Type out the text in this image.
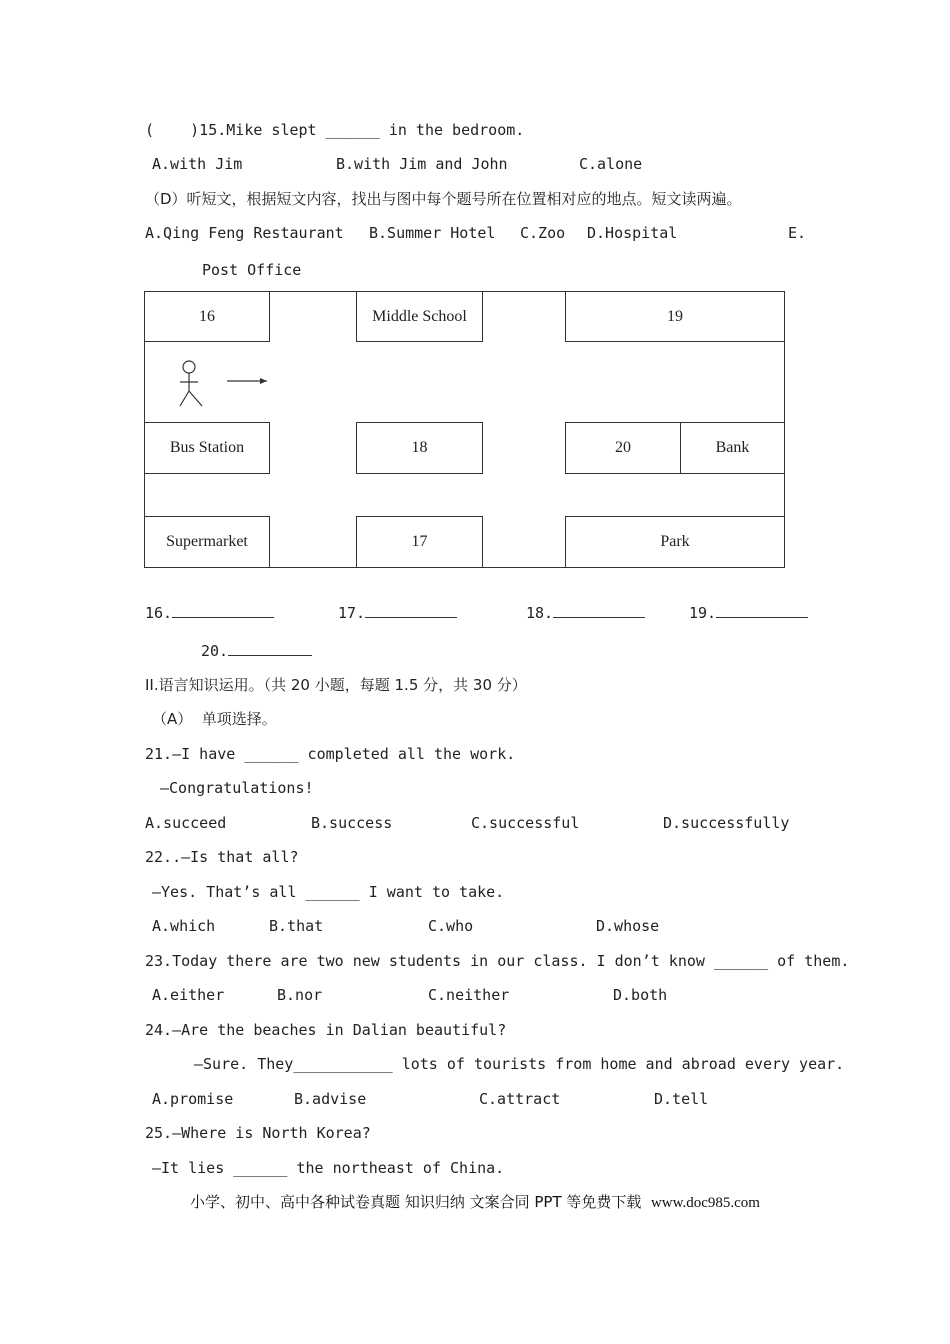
(    )15.Mike slept ______ in the bedroom.
A.with Jim	B.with Jim and John	C.alone
（D）听短文，根据短文内容，找出与图中每个题号所在位置相对应的地点。短文读两遍。
A.Qing Feng Restaurant B.Summer Hotel C.Zoo D.Hospital	E.
Post Office
16	Middle School	19
Bus Station	18	20	Bank
Supermarket	17	Park
16.	17.	18.	19.
20.
II.语言知识运用。（共 20 小题，每题 1.5 分，共 30 分）
（A）  单项选择。
21.—I have ______ completed all the work.
—Congratulations!
A.succeed	B.success	C.successful	D.successfully
22..—Is that all?
—Yes. That’s all ______ I want to take.
A.which	B.that	C.who	D.whose
23.Today there are two new students in our class. I don’t know ______ of them.
A.either	B.nor	C.neither	D.both
24.—Are the beaches in Dalian beautiful?
—Sure. They___________ lots of tourists from home and abroad every year.
A.promise	B.advise	C.attract	D.tell
25.—Where is North Korea?
—It lies ______ the northeast of China.
小学、初中、高中各种试卷真题 知识归纳 文案合同 PPT 等免费下载 www.doc985.com
